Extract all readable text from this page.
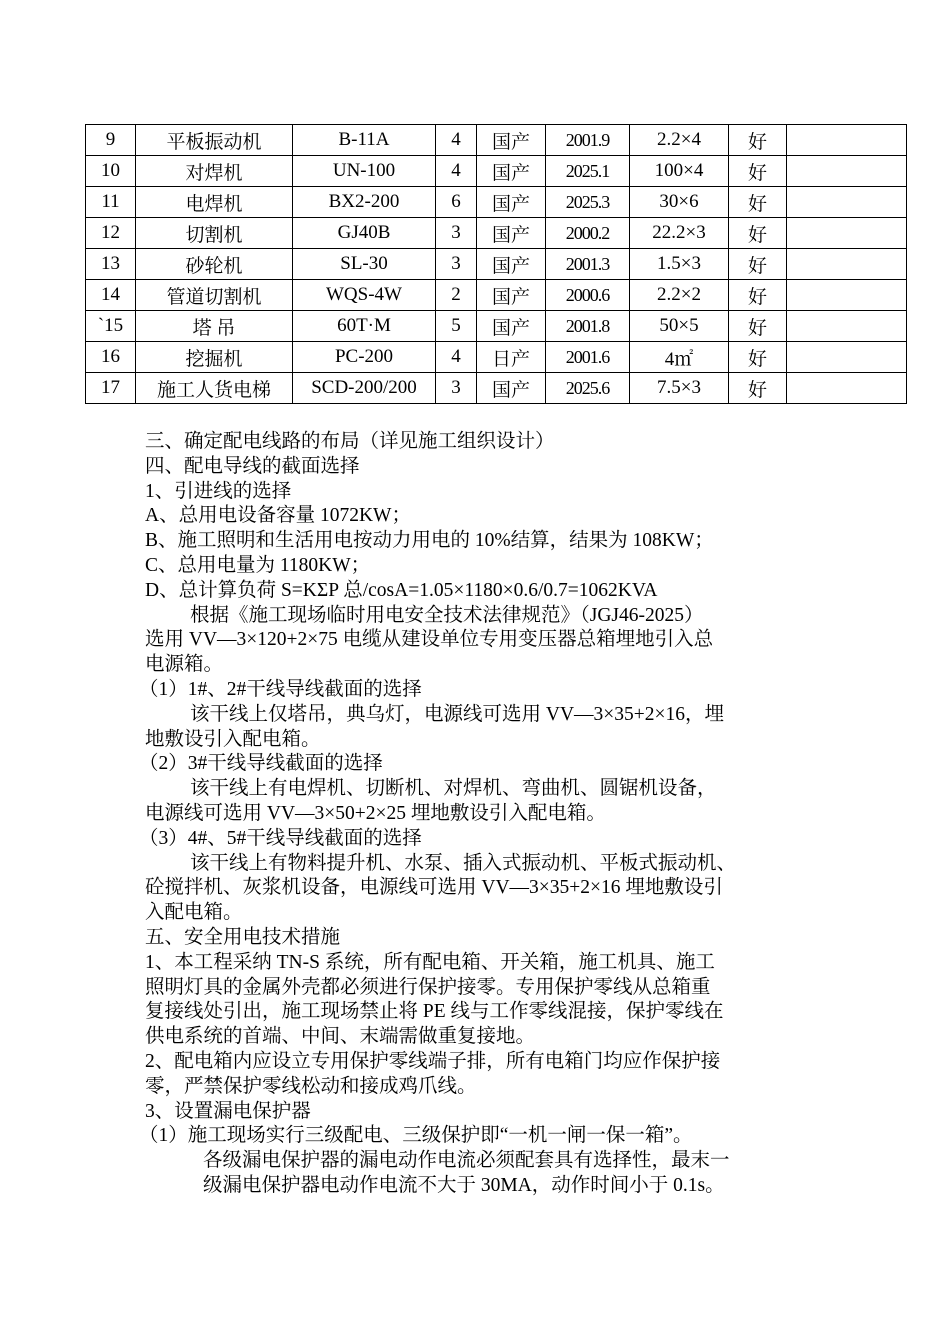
9	平板振动机	B-11A	4	国产	2001.9	2.2×4	好	
10	对焊机	UN-100	4	国产	2025.1	100×4	好	
11	电焊机	BX2-200	6	国产	2025.3	30×6	好	
12	切割机	GJ40B	3	国产	2000.2	22.2×3	好	
13	砂轮机	SL-30	3	国产	2001.3	1.5×3	好	
14	管道切割机	WQS-4W	2	国产	2000.6	2.2×2	好	
`15	塔 吊	60T·M	5	国产	2001.8	50×5	好	
16	挖掘机	PC-200	4	日产	2001.6	4㎡	好	
17	施工人货电梯	SCD-200/200	3	国产	2025.6	7.5×3	好	

三、确定配电线路的布局（详见施工组织设计）

四、配电导线的截面选择

1、引进线的选择

A、总用电设备容量 1072KW；

B、施工照明和生活用电按动力用电的 10%结算，结果为 108KW；

C、总用电量为 1180KW；

D、总计算负荷 S=KΣP 总/cosA=1.05×1180×0.6/0.7=1062KVA

根据《施工现场临时用电安全技术法律规范》（JGJ46-2025）

选用 VV—3×120+2×75 电缆从建设单位专用变压器总箱埋地引入总

电源箱。

（1）1#、2#干线导线截面的选择

该干线上仅塔吊，典乌灯，电源线可选用 VV—3×35+2×16，埋

地敷设引入配电箱。

（2）3#干线导线截面的选择

该干线上有电焊机、切断机、对焊机、弯曲机、圆锯机设备，

电源线可选用 VV—3×50+2×25 埋地敷设引入配电箱。

（3）4#、5#干线导线截面的选择

该干线上有物料提升机、水泵、插入式振动机、平板式振动机、

砼搅拌机、灰浆机设备，电源线可选用 VV—3×35+2×16 埋地敷设引

入配电箱。

五、安全用电技术措施

1、本工程采纳 TN-S 系统，所有配电箱、开关箱，施工机具、施工

照明灯具的金属外壳都必须进行保护接零。专用保护零线从总箱重

复接线处引出，施工现场禁止将 PE 线与工作零线混接，保护零线在

供电系统的首端、中间、末端需做重复接地。

2、配电箱内应设立专用保护零线端子排，所有电箱门均应作保护接

零，严禁保护零线松动和接成鸡爪线。

3、设置漏电保护器

（1）施工现场实行三级配电、三级保护即“一机一闸一保一箱”。

各级漏电保护器的漏电动作电流必须配套具有选择性，最末一

级漏电保护器电动作电流不大于 30MA，动作时间小于 0.1s。
